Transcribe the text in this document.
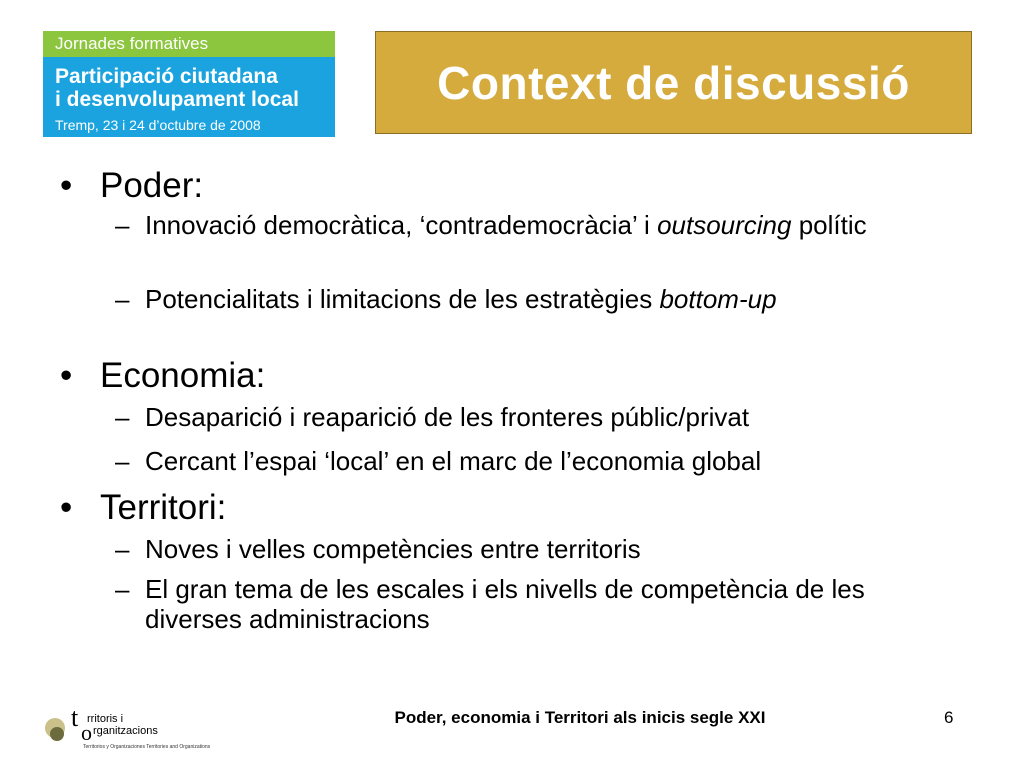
Jornades formatives
Participació ciutadana
i desenvolupament local
Tremp, 23 i 24 d’octubre de 2008
Context de discussió
• Poder:
– Innovació democràtica, ‘contrademocràcia’ i outsourcing polític
– Potencialitats i limitacions de les estratègies bottom-up
• Economia:
– Desaparició i reaparició de les fronteres públic/privat
– Cercant l’espai ‘local’ en el marc de l’economia global
• Territori:
– Noves i velles competències entre territoris
– El gran tema de les escales i els nivells de competència de les diverses administracions
t
o
rritoris i
rganitzacions
Territorios y Organizaciones Territories and Organizations
Poder, economia i Territori als inicis segle XXI	6
